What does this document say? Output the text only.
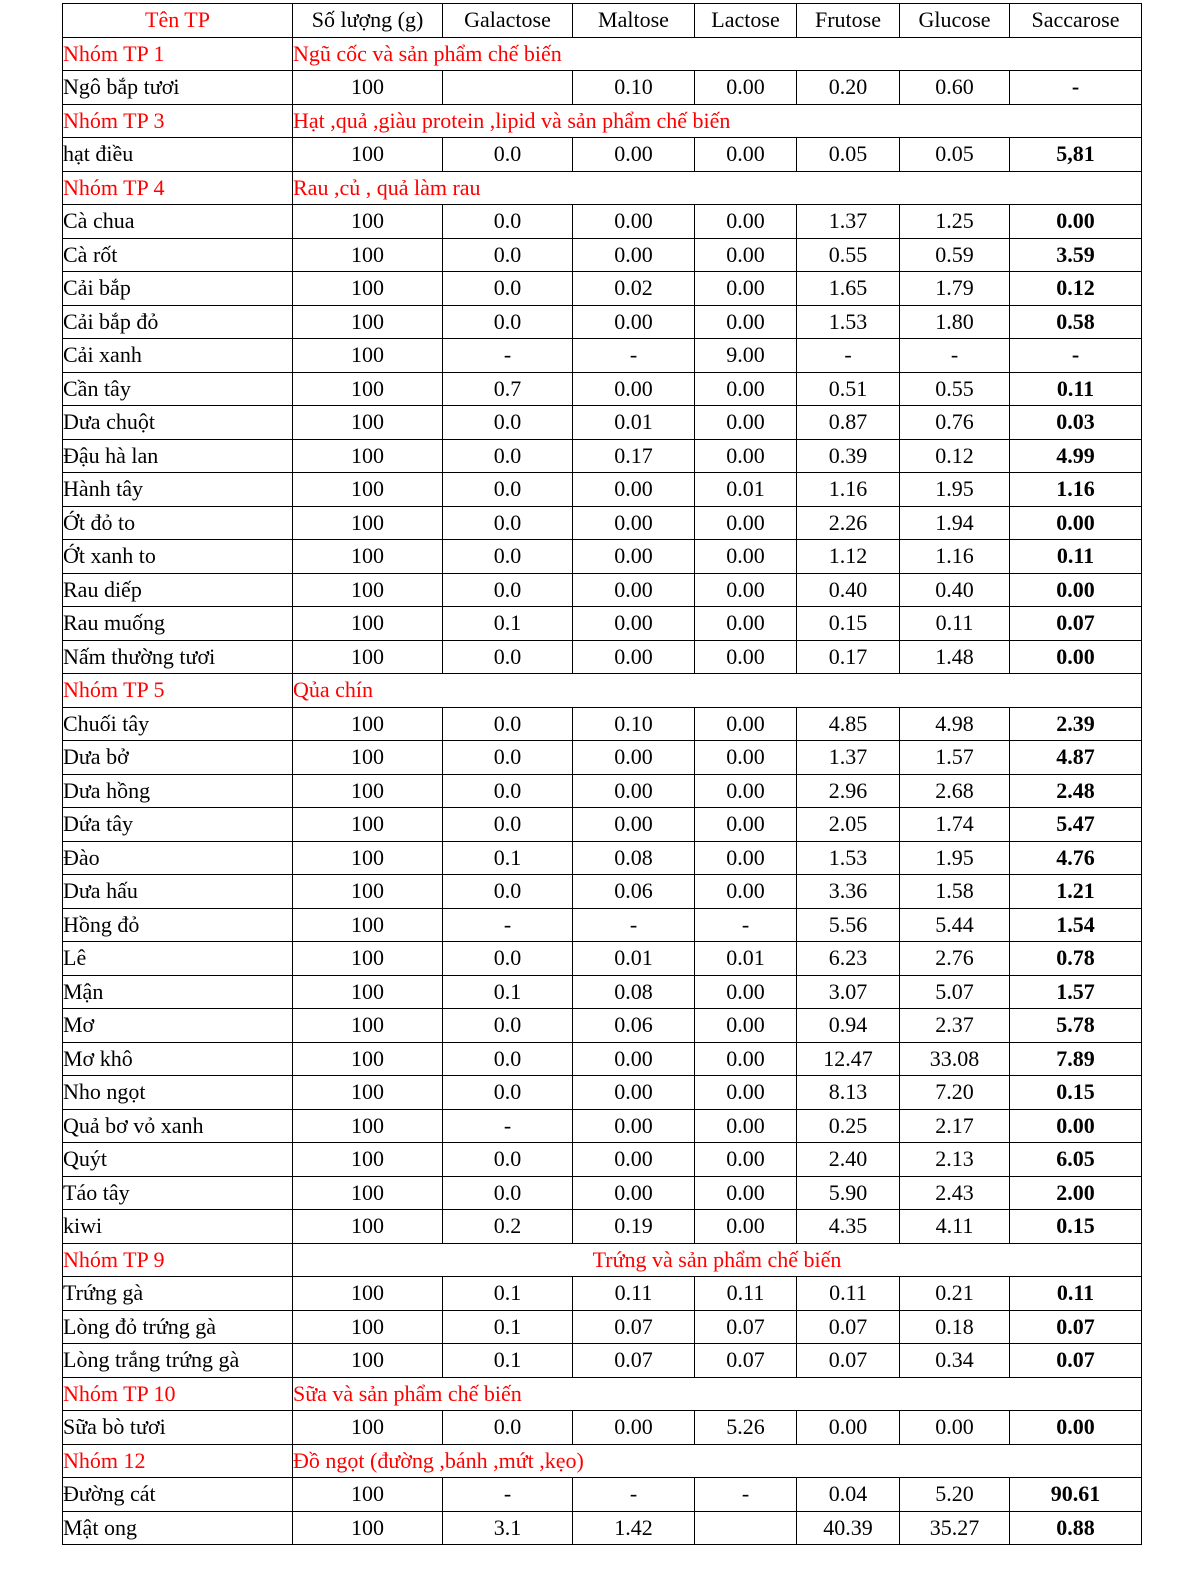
Tên TP	Số lượng (g)	Galactose	Maltose	Lactose	Frutose	Glucose	Saccarose
Nhóm TP 1	Ngũ cốc và sản phẩm chế biến						
Ngô bắp tươi	100		0.10	0.00	0.20	0.60	-
Nhóm TP 3	Hạt ,quả ,giàu protein ,lipid và sản phẩm chế biến						
hạt điều	100	0.0	0.00	0.00	0.05	0.05	5,81
Nhóm TP 4	Rau ,củ , quả làm rau						
Cà chua	100	0.0	0.00	0.00	1.37	1.25	0.00
Cà rốt	100	0.0	0.00	0.00	0.55	0.59	3.59
Cải bắp	100	0.0	0.02	0.00	1.65	1.79	0.12
Cải bắp đỏ	100	0.0	0.00	0.00	1.53	1.80	0.58
Cải xanh	100	-	-	9.00	-	-	-
Cần tây	100	0.7	0.00	0.00	0.51	0.55	0.11
Dưa chuột	100	0.0	0.01	0.00	0.87	0.76	0.03
Đậu hà lan	100	0.0	0.17	0.00	0.39	0.12	4.99
Hành tây	100	0.0	0.00	0.01	1.16	1.95	1.16
Ớt đỏ to	100	0.0	0.00	0.00	2.26	1.94	0.00
Ớt xanh to	100	0.0	0.00	0.00	1.12	1.16	0.11
Rau diếp	100	0.0	0.00	0.00	0.40	0.40	0.00
Rau muống	100	0.1	0.00	0.00	0.15	0.11	0.07
Nấm thường tươi	100	0.0	0.00	0.00	0.17	1.48	0.00
Nhóm TP 5	Qủa chín						
Chuối tây	100	0.0	0.10	0.00	4.85	4.98	2.39
Dưa bở	100	0.0	0.00	0.00	1.37	1.57	4.87
Dưa hồng	100	0.0	0.00	0.00	2.96	2.68	2.48
Dứa tây	100	0.0	0.00	0.00	2.05	1.74	5.47
Đào	100	0.1	0.08	0.00	1.53	1.95	4.76
Dưa hấu	100	0.0	0.06	0.00	3.36	1.58	1.21
Hồng đỏ	100	-	-	-	5.56	5.44	1.54
Lê	100	0.0	0.01	0.01	6.23	2.76	0.78
Mận	100	0.1	0.08	0.00	3.07	5.07	1.57
Mơ	100	0.0	0.06	0.00	0.94	2.37	5.78
Mơ khô	100	0.0	0.00	0.00	12.47	33.08	7.89
Nho ngọt	100	0.0	0.00	0.00	8.13	7.20	0.15
Quả bơ vỏ xanh	100	-	0.00	0.00	0.25	2.17	0.00
Quýt	100	0.0	0.00	0.00	2.40	2.13	6.05
Táo tây	100	0.0	0.00	0.00	5.90	2.43	2.00
kiwi	100	0.2	0.19	0.00	4.35	4.11	0.15
Nhóm TP 9	Trứng và sản phẩm chế biến						
Trứng gà	100	0.1	0.11	0.11	0.11	0.21	0.11
Lòng đỏ trứng gà	100	0.1	0.07	0.07	0.07	0.18	0.07
Lòng trắng trứng gà	100	0.1	0.07	0.07	0.07	0.34	0.07
Nhóm TP 10	Sữa và sản phẩm chế biến						
Sữa bò tươi	100	0.0	0.00	5.26	0.00	0.00	0.00
Nhóm 12	Đồ ngọt (đường ,bánh ,mứt ,kẹo)						
Đường cát	100	-	-	-	0.04	5.20	90.61
Mật ong	100	3.1	1.42		40.39	35.27	0.88
